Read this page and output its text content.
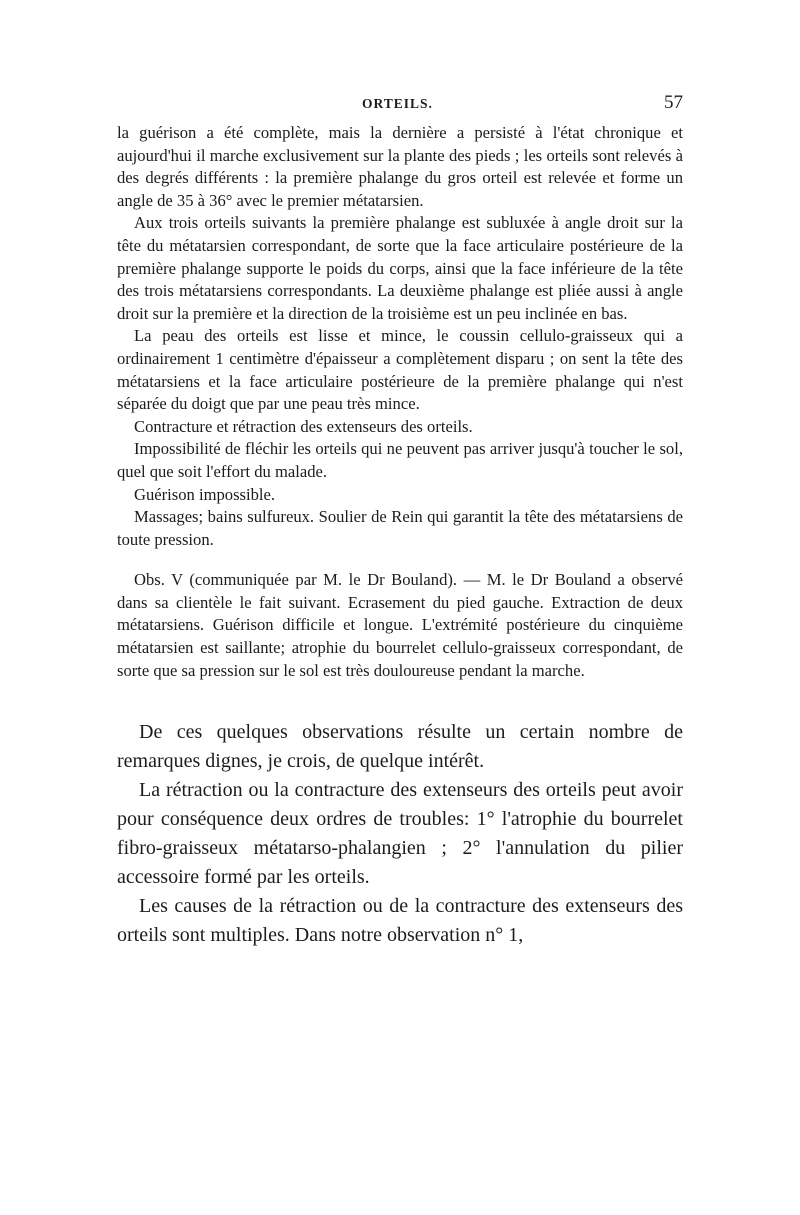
ORTEILS.	57

la guérison a été complète, mais la dernière a persisté à l'état chronique et aujourd'hui il marche exclusivement sur la plante des pieds ; les orteils sont relevés à des degrés différents : la première phalange du gros orteil est relevée et forme un angle de 35 à 36° avec le premier métatarsien.

Aux trois orteils suivants la première phalange est subluxée à angle droit sur la tête du métatarsien correspondant, de sorte que la face articulaire postérieure de la première phalange supporte le poids du corps, ainsi que la face inférieure de la tête des trois métatarsiens correspondants. La deuxième phalange est pliée aussi à angle droit sur la première et la direction de la troisième est un peu inclinée en bas.

La peau des orteils est lisse et mince, le coussin cellulo-graisseux qui a ordinairement 1 centimètre d'épaisseur a complètement disparu ; on sent la tête des métatarsiens et la face articulaire postérieure de la première phalange qui n'est séparée du doigt que par une peau très mince.

Contracture et rétraction des extenseurs des orteils.

Impossibilité de fléchir les orteils qui ne peuvent pas arriver jusqu'à toucher le sol, quel que soit l'effort du malade.

Guérison impossible.

Massages; bains sulfureux. Soulier de Rein qui garantit la tête des métatarsiens de toute pression.

Obs. V (communiquée par M. le Dr Bouland). — M. le Dr Bouland a observé dans sa clientèle le fait suivant. Ecrasement du pied gauche. Extraction de deux métatarsiens. Guérison difficile et longue. L'extrémité postérieure du cinquième métatarsien est saillante; atrophie du bourrelet cellulo-graisseux correspondant, de sorte que sa pression sur le sol est très douloureuse pendant la marche.

De ces quelques observations résulte un certain nombre de remarques dignes, je crois, de quelque intérêt.

La rétraction ou la contracture des extenseurs des orteils peut avoir pour conséquence deux ordres de troubles: 1° l'atrophie du bourrelet fibro-graisseux métatarso-phalangien ; 2° l'annulation du pilier accessoire formé par les orteils.

Les causes de la rétraction ou de la contracture des extenseurs des orteils sont multiples. Dans notre observation n° 1,
